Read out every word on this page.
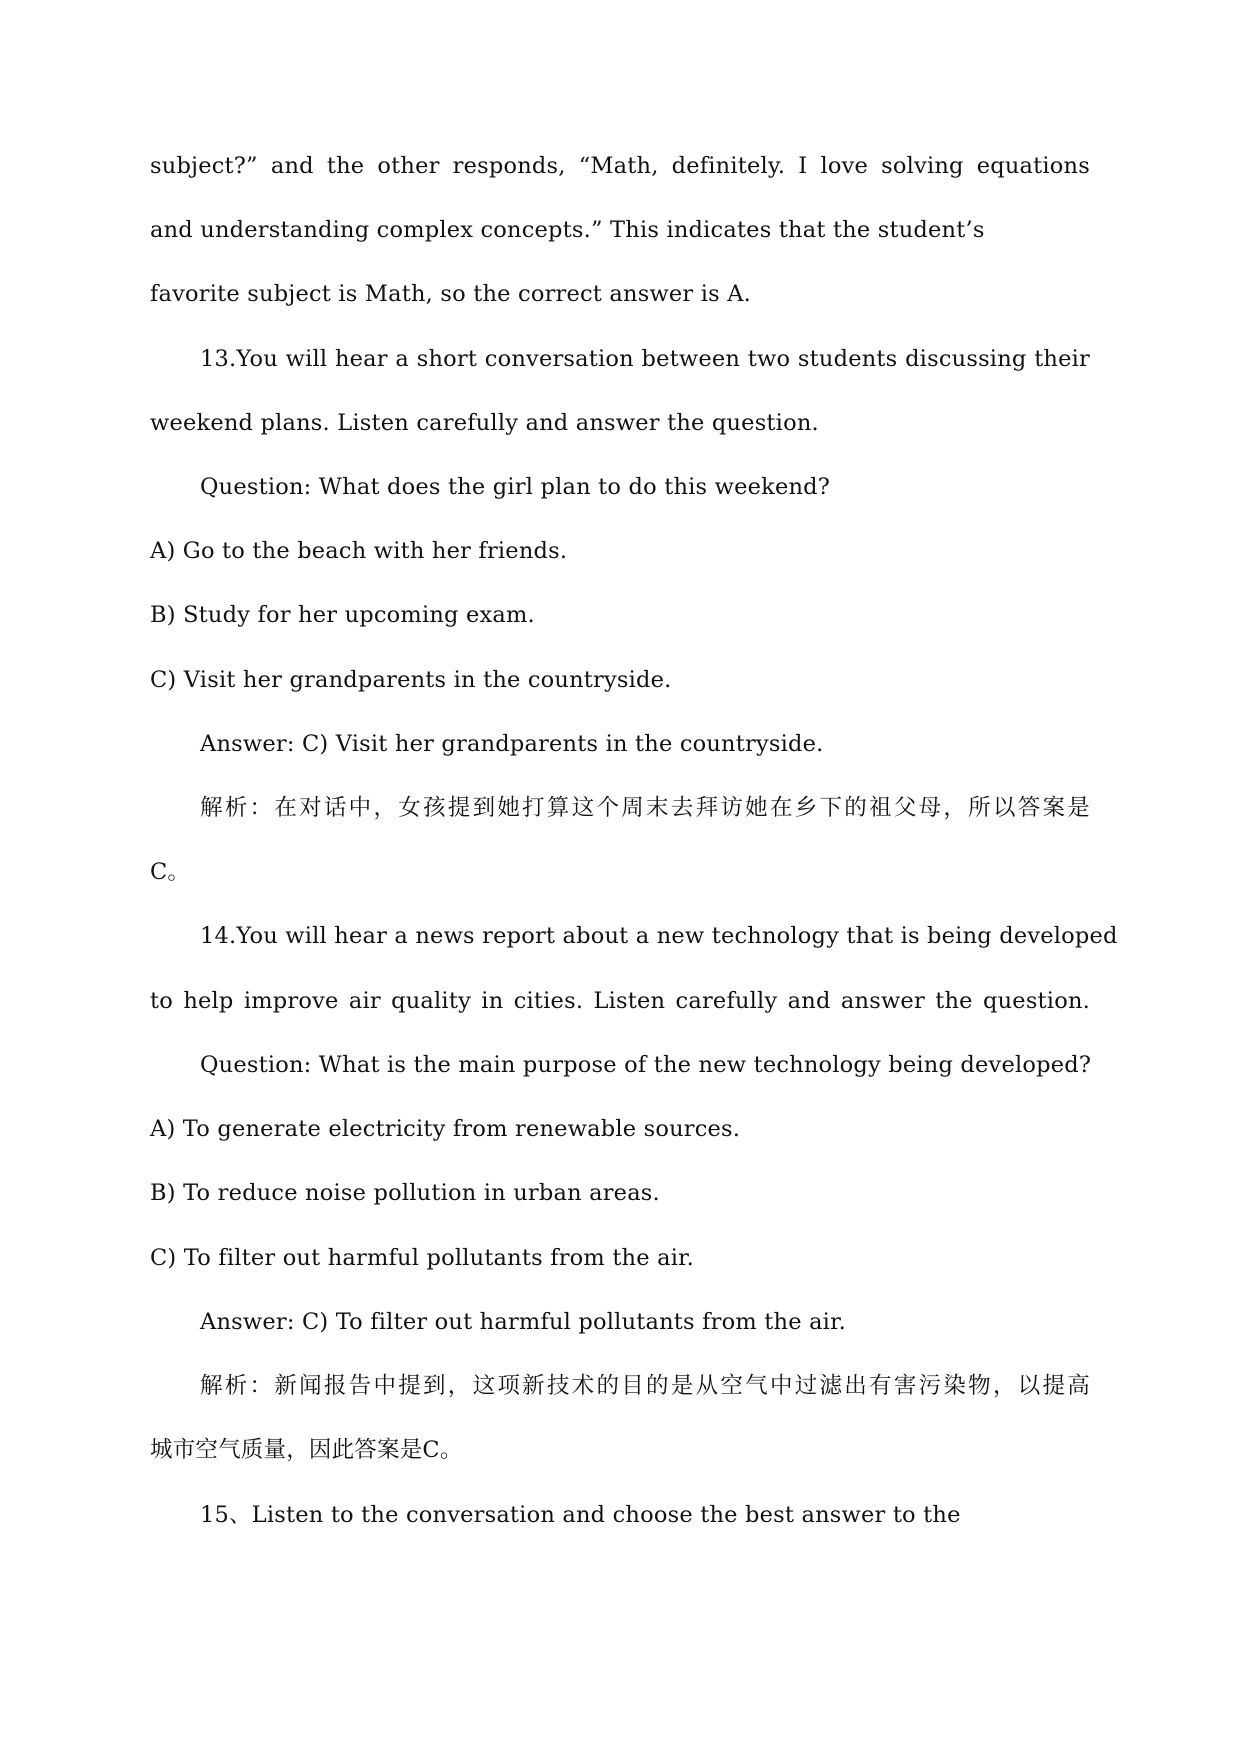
subject?” and the other responds, “Math, definitely. I love solving equations
and understanding complex concepts.” This indicates that the student’s
favorite subject is Math, so the correct answer is A.
13.You will hear a short conversation between two students discussing their
weekend plans. Listen carefully and answer the question.
Question: What does the girl plan to do this weekend?
A) Go to the beach with her friends.
B) Study for her upcoming exam.
C) Visit her grandparents in the countryside.
Answer: C) Visit her grandparents in the countryside.
解析：在对话中，女孩提到她打算这个周末去拜访她在乡下的祖父母，所以答案是
C。
14.You will hear a news report about a new technology that is being developed
to help improve air quality in cities. Listen carefully and answer the question.
Question: What is the main purpose of the new technology being developed?
A) To generate electricity from renewable sources.
B) To reduce noise pollution in urban areas.
C) To filter out harmful pollutants from the air.
Answer: C) To filter out harmful pollutants from the air.
解析：新闻报告中提到，这项新技术的目的是从空气中过滤出有害污染物，以提高
城市空气质量，因此答案是C。
15、Listen to the conversation and choose the best answer to the
